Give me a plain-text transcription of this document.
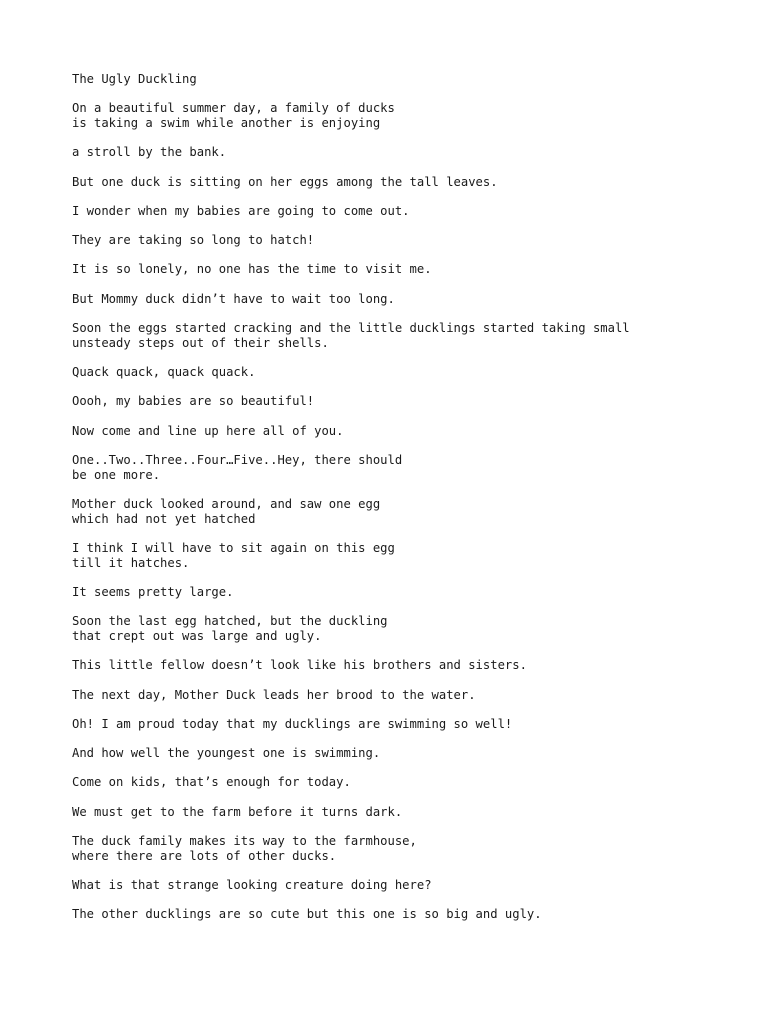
The Ugly Duckling

On a beautiful summer day, a family of ducks
is taking a swim while another is enjoying

a stroll by the bank.

But one duck is sitting on her eggs among the tall leaves.

I wonder when my babies are going to come out.

They are taking so long to hatch!

It is so lonely, no one has the time to visit me.

But Mommy duck didn’t have to wait too long.

Soon the eggs started cracking and the little ducklings started taking small
unsteady steps out of their shells.

Quack quack, quack quack.

Oooh, my babies are so beautiful!

Now come and line up here all of you.

One..Two..Three..Four…Five..Hey, there should
be one more.

Mother duck looked around, and saw one egg
which had not yet hatched

I think I will have to sit again on this egg
till it hatches.

It seems pretty large.

Soon the last egg hatched, but the duckling
that crept out was large and ugly.

This little fellow doesn’t look like his brothers and sisters.

The next day, Mother Duck leads her brood to the water.

Oh! I am proud today that my ducklings are swimming so well!

And how well the youngest one is swimming.

Come on kids, that’s enough for today.

We must get to the farm before it turns dark.

The duck family makes its way to the farmhouse,
where there are lots of other ducks.

What is that strange looking creature doing here?

The other ducklings are so cute but this one is so big and ugly.
